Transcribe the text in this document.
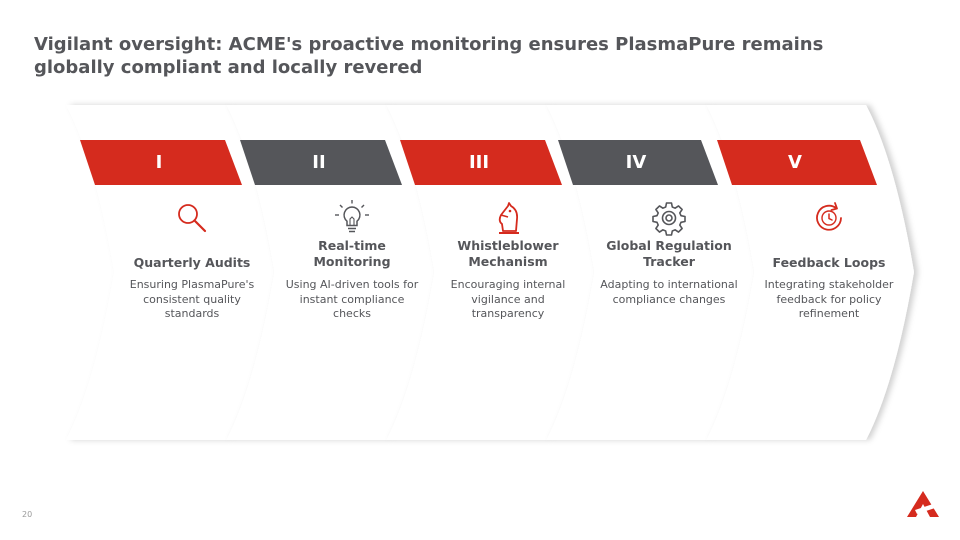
Vigilant oversight: ACME's proactive monitoring ensures PlasmaPure remains globally compliant and locally revered
I	II	III	IV	V
Quarterly Audits
Ensuring PlasmaPure's consistent quality standards
Real-time Monitoring
Using AI-driven tools for instant compliance checks
Whistleblower Mechanism
Encouraging internal vigilance and transparency
Global Regulation Tracker
Adapting to international compliance changes
Feedback Loops
Integrating stakeholder feedback for policy refinement
20
